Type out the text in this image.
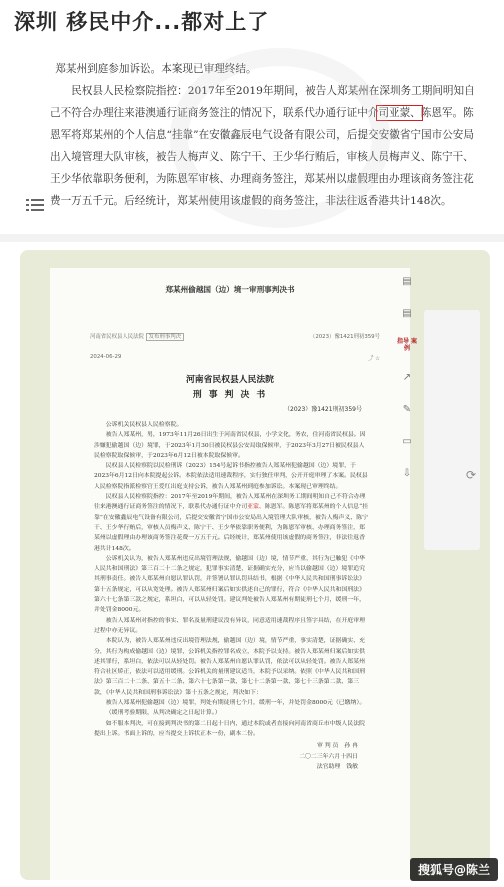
深圳 移民中介...都对上了
郑某州到庭参加诉讼。本案现已审理终结。

民权县人民检察院指控：2017年至2019年期间，被告人郑某州在深圳务工期间明知自己不符合办理往来港澳通行证商务签注的情况下，联系代办通行证中介司亚蒙、陈恩军。陈恩军将郑某州的个人信息“挂靠”在安徽鑫辰电气设备有限公司，后提交安徽省宁国市公安局出入境管理大队审核，被告人梅声义、陈宁干、王少华行贿后，审核人员梅声义、陈宁干、王少华依靠职务便利，为陈恩军审核、办理商务签注，郑某州以虚假理由办理该商务签注花费一万五千元。后经统计，郑某州使用该虚假的商务签注，非法往返香港共计148次。

郑某州偷越国（边）境一审刑事判决书
河南省民权县人民法院 发布刑事判决	（2023）豫1421刑初359号
2024-06-29	⤴ ☆
河南省民权县人民法院
刑 事 判 决 书
（2023）豫1421刑初359号

公诉机关民权县人民检察院。

被告人郑某州，男，1973年11月26日出生于河南省民权县，小学文化，务农，住河南省民权县。因涉嫌犯偷越国（边）境罪，于2023年1月30日被民权县公安局取保候审，于2023年3月27日被民权县人民检察院取保候审，于2023年6月12日被本院取保候审。

民权县人民检察院以民检刑诉（2023）154号起诉书指控被告人郑某州犯偷越国（边）境罪，于2023年6月12日向本院提起公诉。本院依法适用速裁程序，实行独任审判，公开开庭审理了本案。民权县人民检察院指派检察官王爱红出庭支持公诉，被告人郑某州到庭参加诉讼。本案现已审理终结。

民权县人民检察院指控：2017年至2019年期间，被告人郑某州在深圳务工期间明知自己不符合办理往来港澳通行证商务签注的情况下，联系代办通行证中介司亚蒙、陈恩军。陈恩军将郑某州的个人信息“挂靠”在安徽鑫辰电气设备有限公司，后提交安徽省宁国市公安局出入境管理大队审核，被告人梅声义、陈宁干、王少华行贿后，审核人员梅声义、陈宁干、王少华依靠职务便利，为陈恩军审核、办理商务签注，郑某州以虚假理由办理该商务签注花费一万五千元。后经统计，郑某州使用该虚假的商务签注，非法往返香港共计148次。

公诉机关认为，被告人郑某州违反出境管理法规，偷越国（边）境，情节严重，其行为已触犯《中华人民共和国刑法》第三百二十二条之规定，犯罪事实清楚，证据确实充分，应当以偷越国（边）境罪追究其刑事责任。被告人郑某州自愿认罪认罚，并签署认罪认罚具结书，根据《中华人民共和国刑事诉讼法》第十五条规定，可以从宽处理。被告人郑某州归案后如实供述自己的罪行，符合《中华人民共和国刑法》第六十七条第三款之规定，系坦白，可以从轻处罚。建议判处被告人郑某州有期徒刑七个月，缓刑一年，并处罚金8000元。

被告人郑某州对指控的事实、罪名及量刑建议没有异议，同意适用速裁程序且签字具结，在开庭审理过程中亦无异议。

本院认为，被告人郑某州违反出境管理法规，偷越国（边）境，情节严重，事实清楚，证据确实、充分，其行为构成偷越国（边）境罪，公诉机关指控罪名成立，本院予以支持。被告人郑某州归案后如实供述其罪行，系坦白，依法可以从轻处罚。被告人郑某州自愿认罪认罚，依法可以从轻处罚。被告人郑某州符合社区矫正，依法可以适用缓刑。公诉机关的量刑建议适当，本院予以采纳。依照《中华人民共和国刑法》第三百二十二条、第五十二条、第六十七条第一款、第七十二条第一款、第七十三条第二款、第三款，《中华人民共和国刑事诉讼法》第十五条之规定，判决如下：

被告人郑某州犯偷越国（边）境罪，判处有期徒刑七个月，缓刑一年，并处罚金8000元（已缴纳）。

（缓刑考验期限，从判决确定之日起计算。）

如不服本判决，可在接到判决书的第二日起十日内，通过本院或者直接向河南省商丘市中级人民法院提出上诉。书面上诉的，应当提交上诉状正本一份，副本二份。

审 判 员　孙 冉
二〇二三年六月十四日
法官助理　钱敏
▤
▤
指导 案例
↗
✎
▭
⇩	⟳
搜狐号@陈兰
